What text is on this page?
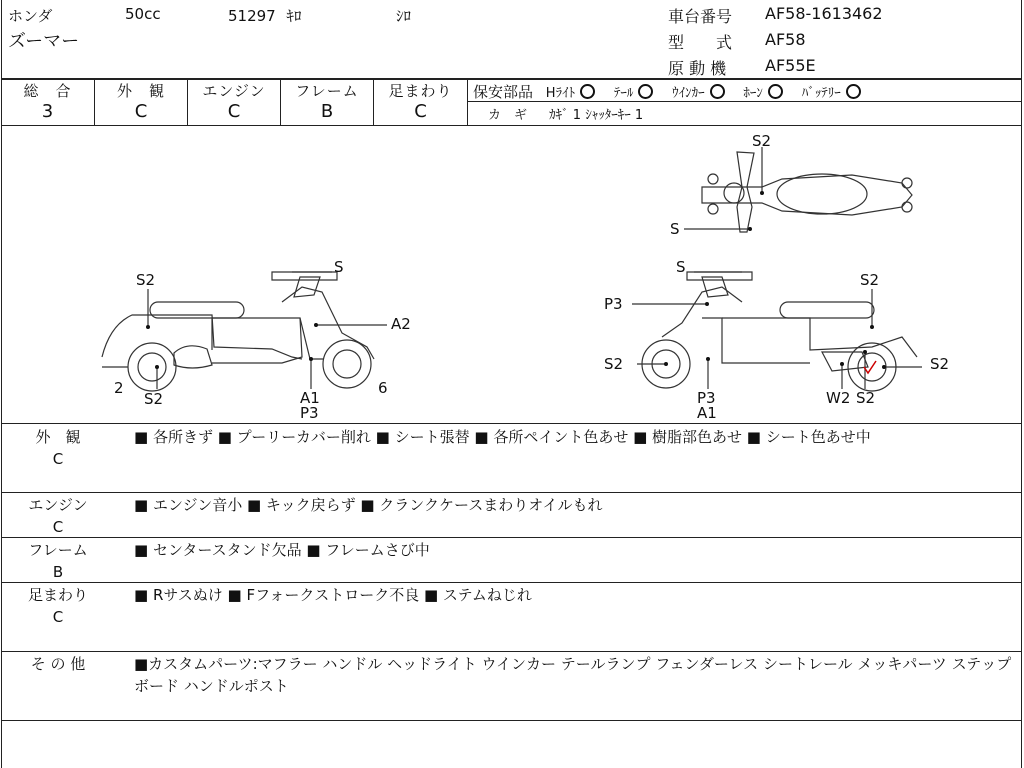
ホンダ	50cc	51297 ｷﾛ	ｼﾛ
ズーマー
車台番号 AF58-1613462
型　　式 AF58
原 動 機 AF55E
総　合
3
外　観
C
エンジン
C
フレーム
B
足まわり
C
保安部品 Hﾗｲﾄ	ﾃｰﾙ	ｳｲﾝｶｰ	ﾎｰﾝ	ﾊﾞｯﾃﾘｰ
カ　ギ ｶｷﾞ 1 ｼｬｯﾀｰｷｰ 1
S2
S
A2
A1
P3
6
2
S2
S2
S
S
S2
P3
S2	S2
W2 S2
P3
A1
外　観
C
■ 各所きず ■ プーリーカバー削れ ■ シート張替 ■ 各所ペイント色あせ ■ 樹脂部色あせ ■ シート色あせ中
エンジン
C
■ エンジン音小 ■ キック戻らず ■ クランクケースまわりオイルもれ
フレーム
B
■ センタースタンド欠品 ■ フレームさび中
足まわり
C
■ Rサスぬけ ■ Fフォークストローク不良 ■ ステムねじれ
そ の 他	■カスタムパーツ:マフラー ハンドル ヘッドライト ウインカー テールランプ フェンダーレス シートレール メッキパーツ ステップボード ハンドルポスト
